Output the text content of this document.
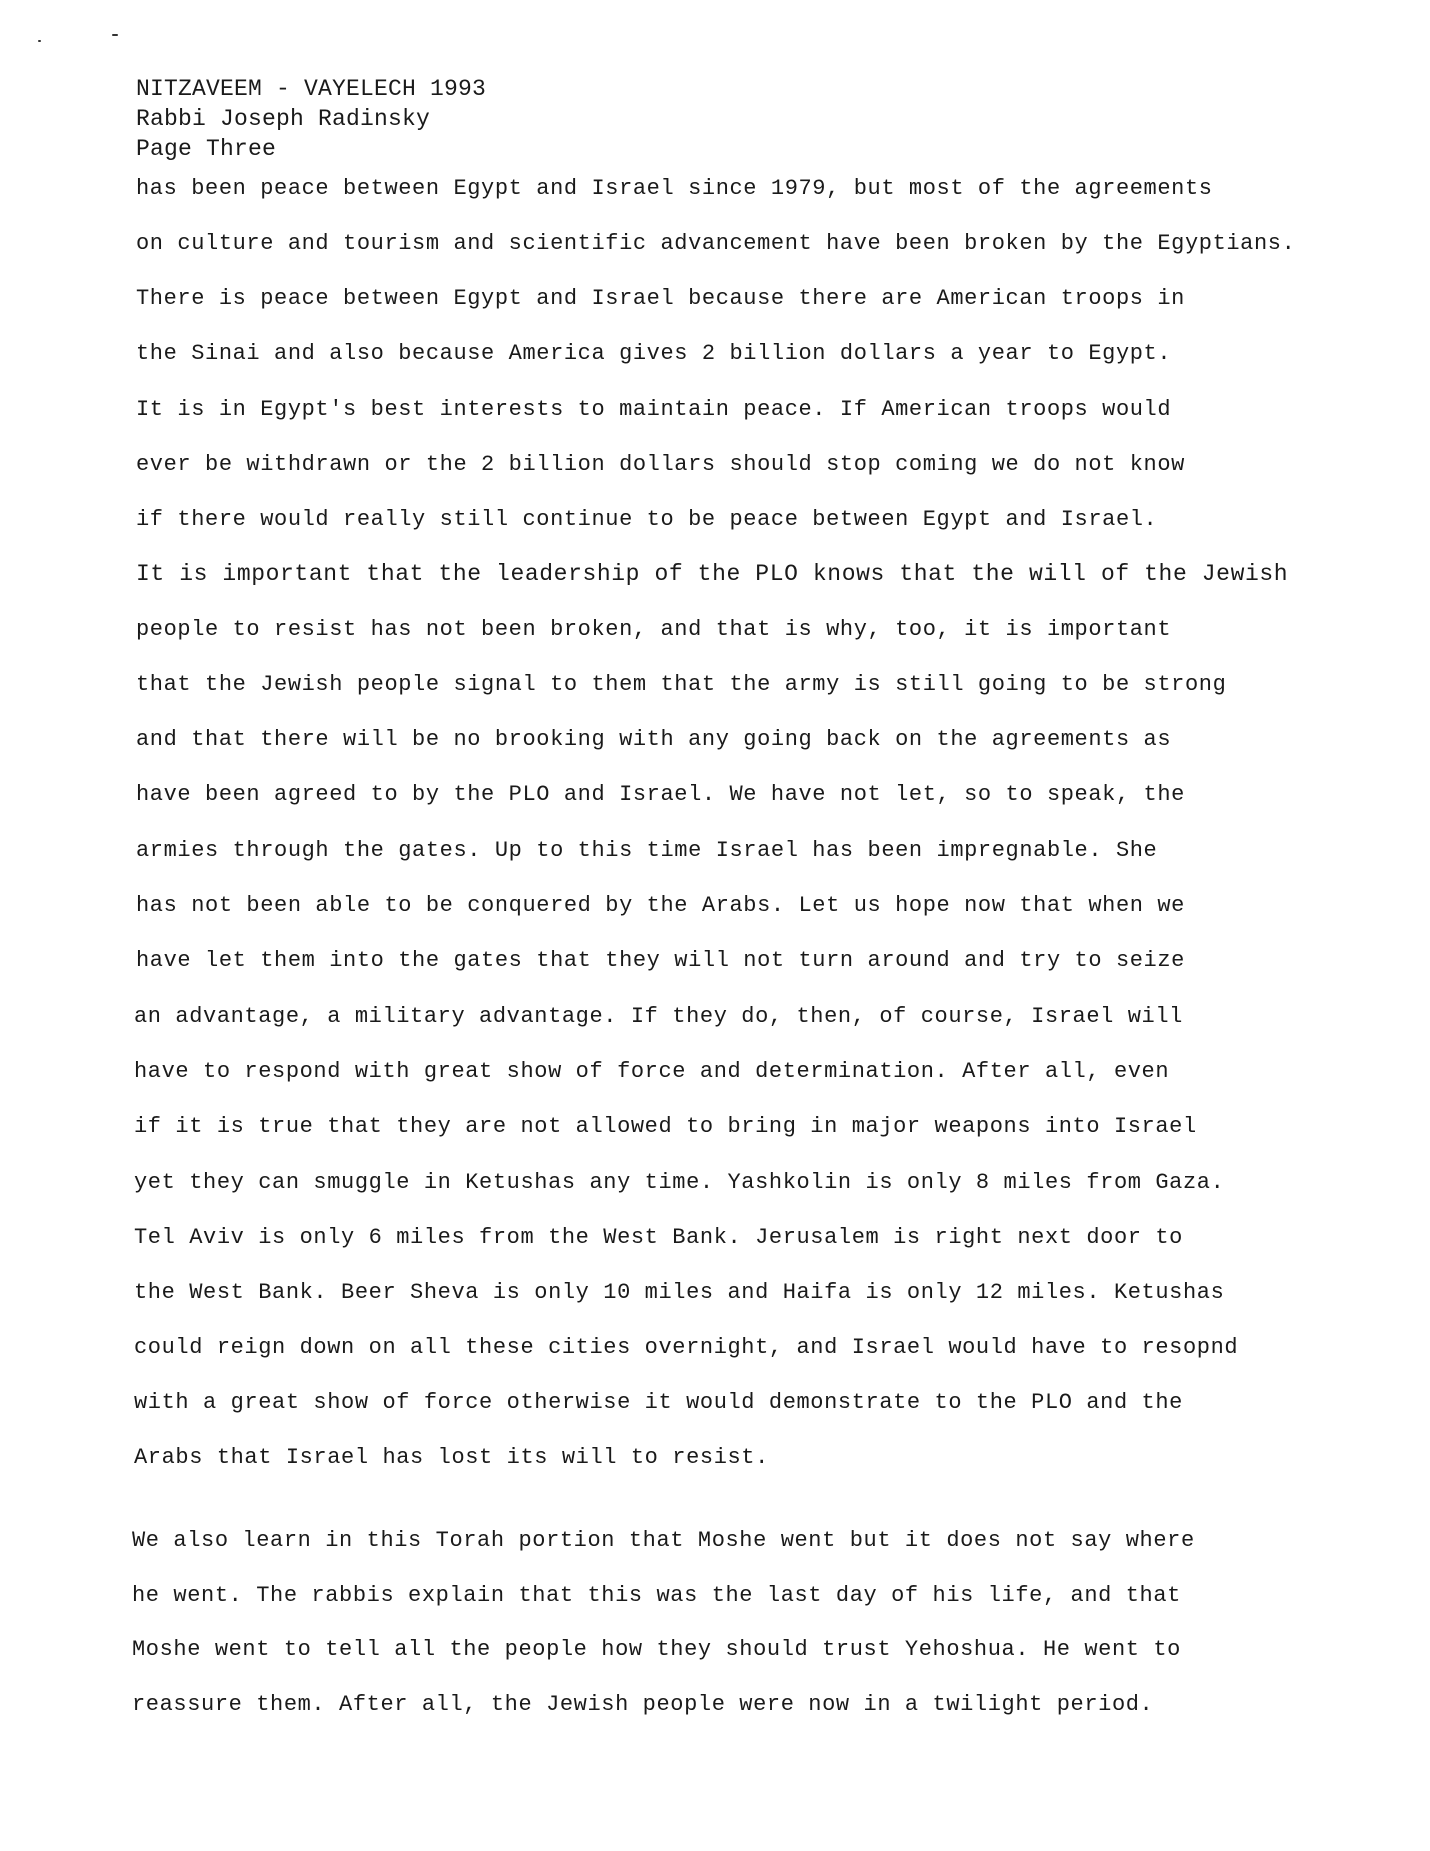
NITZAVEEM - VAYELECH 1993
Rabbi Joseph Radinsky
Page Three
has been peace between Egypt and Israel since 1979, but most of the agreements
on culture and tourism and scientific advancement have been broken by the Egyptians.
There is peace between Egypt and Israel because there are American troops in
the Sinai and also because America gives 2 billion dollars a year to Egypt.
It is in Egypt's best interests to maintain peace. If American troops would
ever be withdrawn or the 2 billion dollars should stop coming we do not know
if there would really still continue to be peace between Egypt and Israel.
It is important that the leadership of the PLO knows that the will of the Jewish
people to resist has not been broken, and that is why, too, it is important
that the Jewish people signal to them that the army is still going to be strong
and that there will be no brooking with any going back on the agreements as
have been agreed to by the PLO and Israel. We have not let, so to speak, the
armies through the gates. Up to this time Israel has been impregnable. She
has not been able to be conquered by the Arabs. Let us hope now that when we
have let them into the gates that they will not turn around and try to seize
an advantage, a military advantage. If they do, then, of course, Israel will
have to respond with great show of force and determination. After all, even
if it is true that they are not allowed to bring in major weapons into Israel
yet they can smuggle in Ketushas any time. Yashkolin is only 8 miles from Gaza.
Tel Aviv is only 6 miles from the West Bank. Jerusalem is right next door to
the West Bank. Beer Sheva is only 10 miles and Haifa is only 12 miles. Ketushas
could reign down on all these cities overnight, and Israel would have to resopnd
with a great show of force otherwise it would demonstrate to the PLO and the
Arabs that Israel has lost its will to resist.
We also learn in this Torah portion that Moshe went but it does not say where
he went. The rabbis explain that this was the last day of his life, and that
Moshe went to tell all the people how they should trust Yehoshua. He went to
reassure them. After all, the Jewish people were now in a twilight period.
